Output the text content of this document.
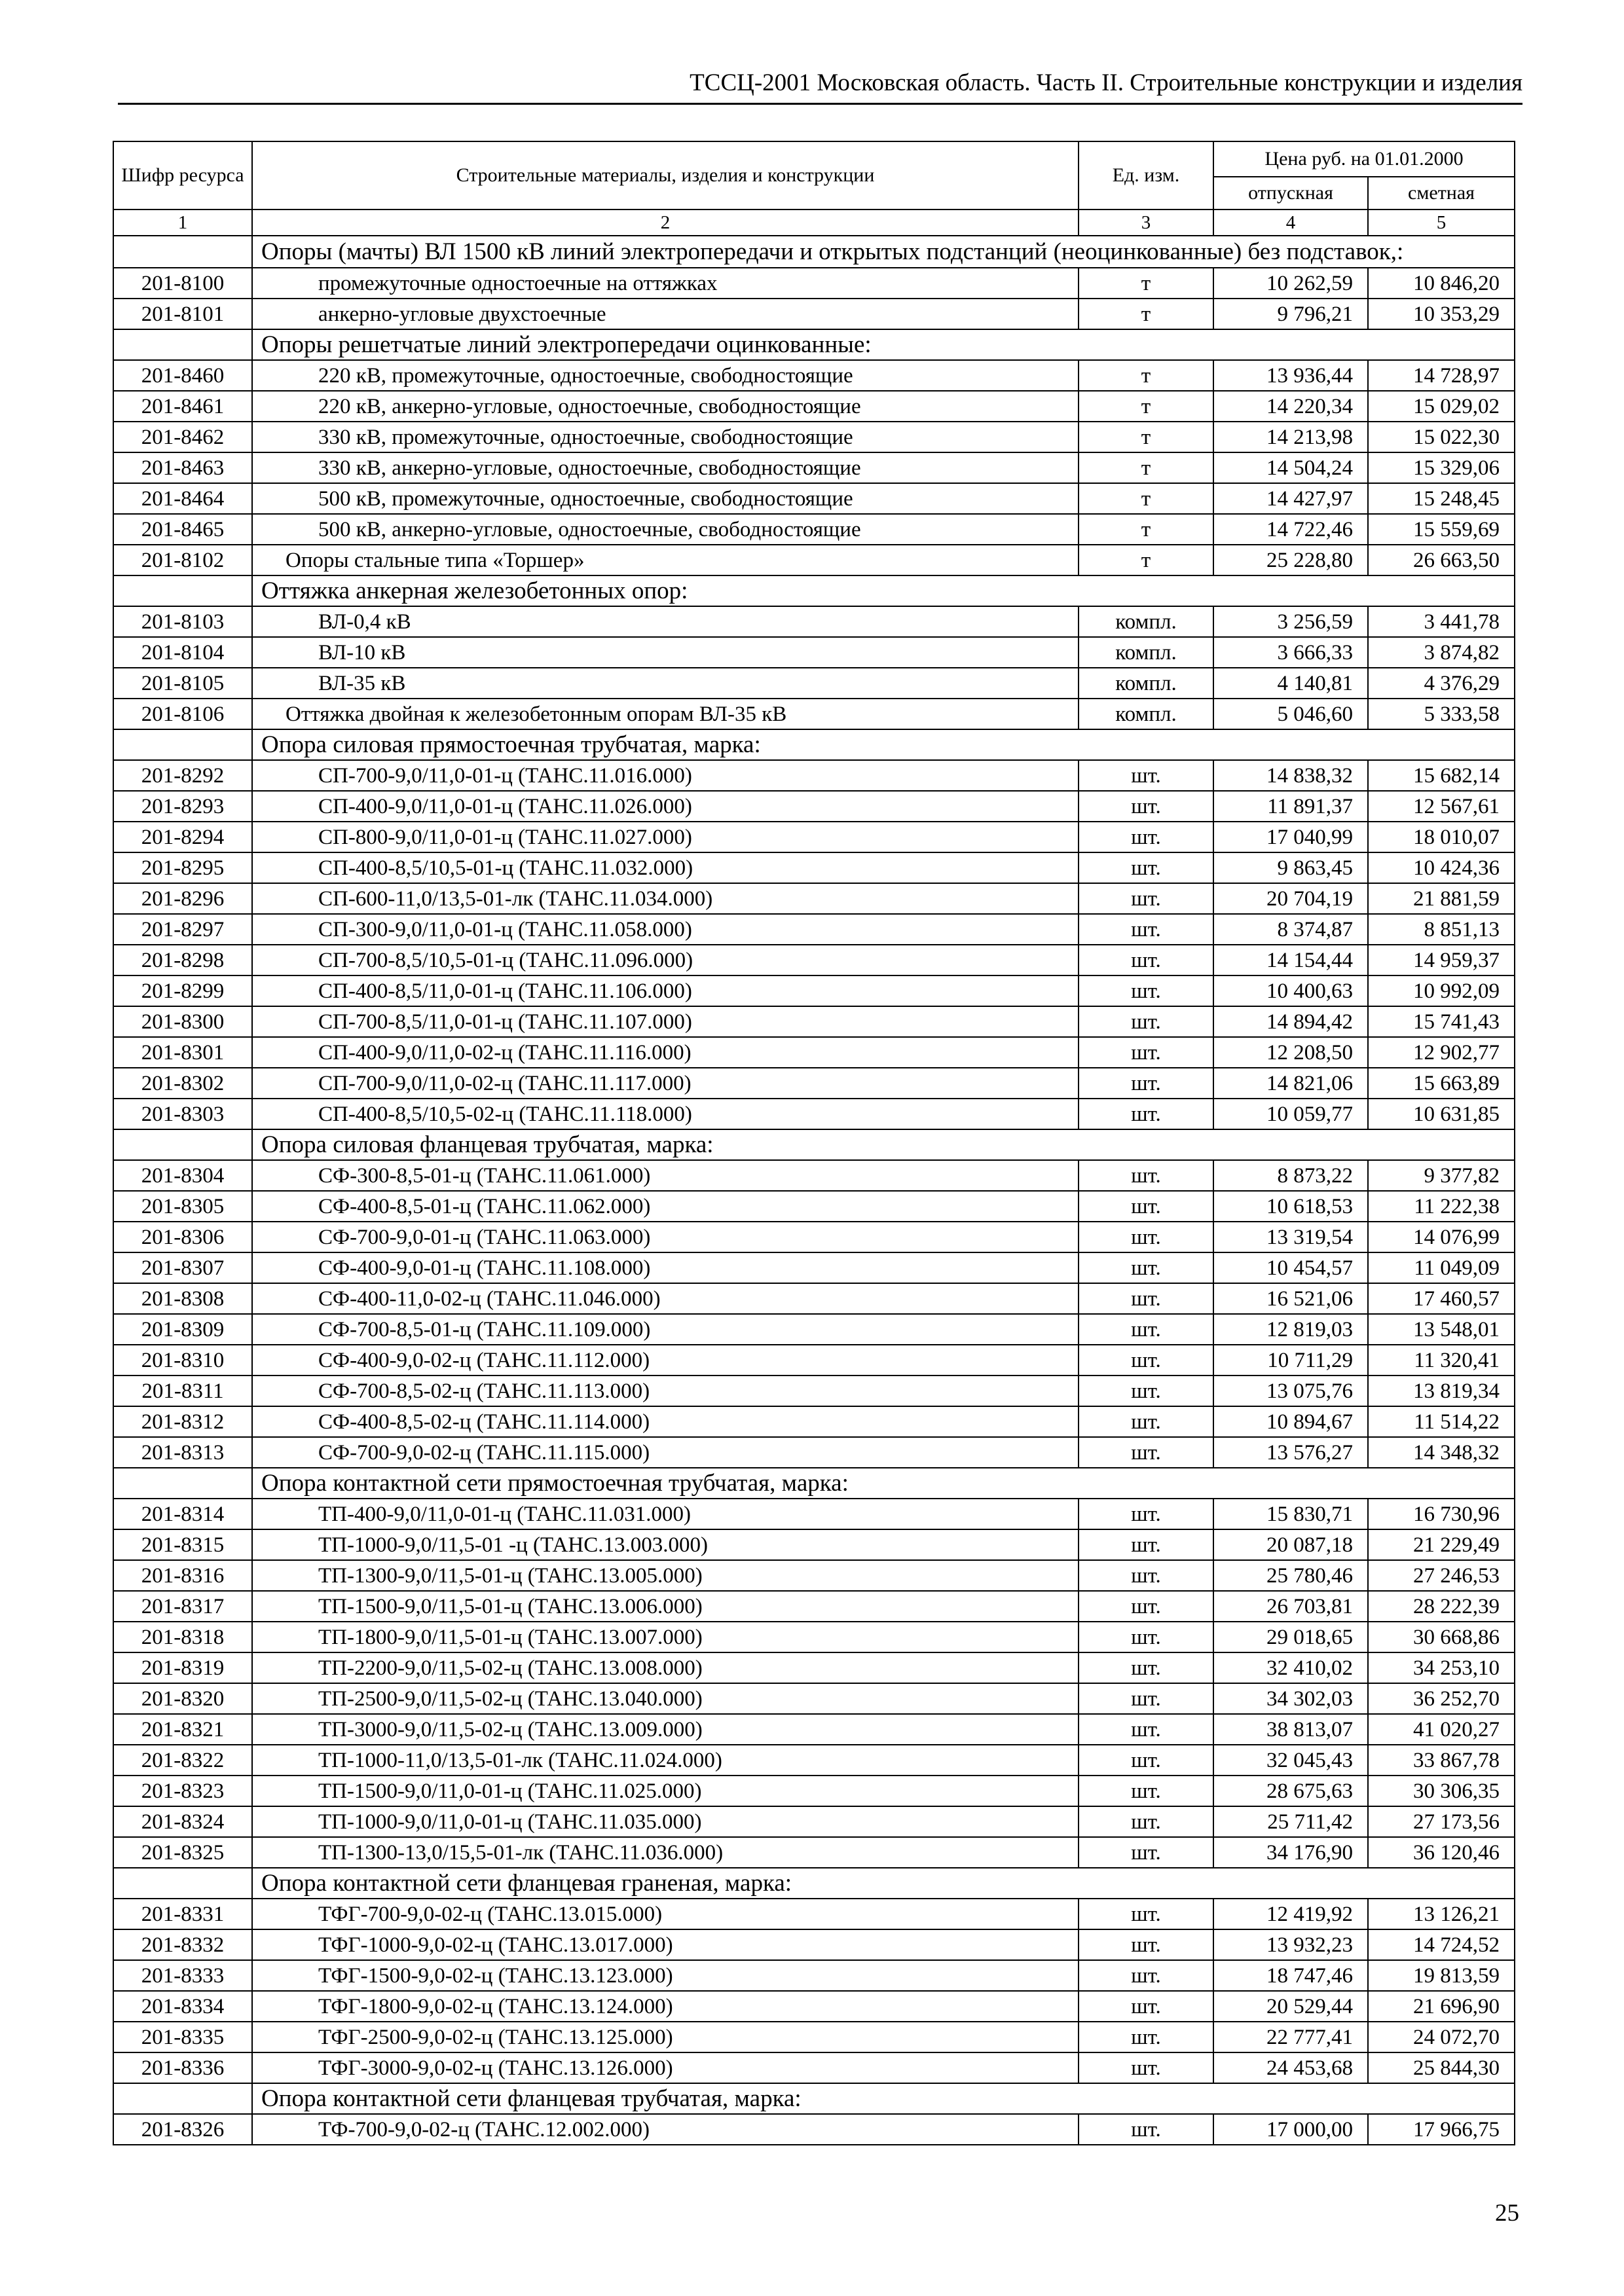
ТССЦ-2001 Московская область. Часть II. Строительные конструкции и изделия
Шифр ресурса	Строительные материалы, изделия и конструкции	Ед. изм.	Цена руб. на 01.01.2000	
			отпускная	сметная
1	2	3	4	5
	Опоры (мачты) ВЛ 1500 кВ линий электропередачи и открытых подстанций (неоцинкованные) без подставок,:			
201-8100	промежуточные одностоечные на оттяжках	т	10 262,59	10 846,20
201-8101	анкерно-угловые двухстоечные	т	9 796,21	10 353,29
	Опоры решетчатые линий электропередачи оцинкованные:			
201-8460	220 кВ, промежуточные, одностоечные, свободностоящие	т	13 936,44	14 728,97
201-8461	220 кВ, анкерно-угловые, одностоечные, свободностоящие	т	14 220,34	15 029,02
201-8462	330 кВ, промежуточные, одностоечные, свободностоящие	т	14 213,98	15 022,30
201-8463	330 кВ, анкерно-угловые, одностоечные, свободностоящие	т	14 504,24	15 329,06
201-8464	500 кВ, промежуточные, одностоечные, свободностоящие	т	14 427,97	15 248,45
201-8465	500 кВ, анкерно-угловые, одностоечные, свободностоящие	т	14 722,46	15 559,69
201-8102	Опоры стальные типа «Торшер»	т	25 228,80	26 663,50
	Оттяжка анкерная железобетонных опор:			
201-8103	ВЛ-0,4 кВ	компл.	3 256,59	3 441,78
201-8104	ВЛ-10 кВ	компл.	3 666,33	3 874,82
201-8105	ВЛ-35 кВ	компл.	4 140,81	4 376,29
201-8106	Оттяжка двойная к железобетонным опорам ВЛ-35 кВ	компл.	5 046,60	5 333,58
	Опора силовая прямостоечная трубчатая, марка:			
201-8292	СП-700-9,0/11,0-01-ц (ТАНС.11.016.000)	шт.	14 838,32	15 682,14
201-8293	СП-400-9,0/11,0-01-ц (ТАНС.11.026.000)	шт.	11 891,37	12 567,61
201-8294	СП-800-9,0/11,0-01-ц (ТАНС.11.027.000)	шт.	17 040,99	18 010,07
201-8295	СП-400-8,5/10,5-01-ц (ТАНС.11.032.000)	шт.	9 863,45	10 424,36
201-8296	СП-600-11,0/13,5-01-лк (ТАНС.11.034.000)	шт.	20 704,19	21 881,59
201-8297	СП-300-9,0/11,0-01-ц (ТАНС.11.058.000)	шт.	8 374,87	8 851,13
201-8298	СП-700-8,5/10,5-01-ц (ТАНС.11.096.000)	шт.	14 154,44	14 959,37
201-8299	СП-400-8,5/11,0-01-ц (ТАНС.11.106.000)	шт.	10 400,63	10 992,09
201-8300	СП-700-8,5/11,0-01-ц (ТАНС.11.107.000)	шт.	14 894,42	15 741,43
201-8301	СП-400-9,0/11,0-02-ц (ТАНС.11.116.000)	шт.	12 208,50	12 902,77
201-8302	СП-700-9,0/11,0-02-ц (ТАНС.11.117.000)	шт.	14 821,06	15 663,89
201-8303	СП-400-8,5/10,5-02-ц (ТАНС.11.118.000)	шт.	10 059,77	10 631,85
	Опора силовая фланцевая трубчатая, марка:			
201-8304	СФ-300-8,5-01-ц (ТАНС.11.061.000)	шт.	8 873,22	9 377,82
201-8305	СФ-400-8,5-01-ц (ТАНС.11.062.000)	шт.	10 618,53	11 222,38
201-8306	СФ-700-9,0-01-ц (ТАНС.11.063.000)	шт.	13 319,54	14 076,99
201-8307	СФ-400-9,0-01-ц (ТАНС.11.108.000)	шт.	10 454,57	11 049,09
201-8308	СФ-400-11,0-02-ц (ТАНС.11.046.000)	шт.	16 521,06	17 460,57
201-8309	СФ-700-8,5-01-ц (ТАНС.11.109.000)	шт.	12 819,03	13 548,01
201-8310	СФ-400-9,0-02-ц (ТАНС.11.112.000)	шт.	10 711,29	11 320,41
201-8311	СФ-700-8,5-02-ц (ТАНС.11.113.000)	шт.	13 075,76	13 819,34
201-8312	СФ-400-8,5-02-ц (ТАНС.11.114.000)	шт.	10 894,67	11 514,22
201-8313	СФ-700-9,0-02-ц (ТАНС.11.115.000)	шт.	13 576,27	14 348,32
	Опора контактной сети прямостоечная трубчатая, марка:			
201-8314	ТП-400-9,0/11,0-01-ц (ТАНС.11.031.000)	шт.	15 830,71	16 730,96
201-8315	ТП-1000-9,0/11,5-01 -ц (ТАНС.13.003.000)	шт.	20 087,18	21 229,49
201-8316	ТП-1300-9,0/11,5-01-ц (ТАНС.13.005.000)	шт.	25 780,46	27 246,53
201-8317	ТП-1500-9,0/11,5-01-ц (ТАНС.13.006.000)	шт.	26 703,81	28 222,39
201-8318	ТП-1800-9,0/11,5-01-ц (ТАНС.13.007.000)	шт.	29 018,65	30 668,86
201-8319	ТП-2200-9,0/11,5-02-ц (ТАНС.13.008.000)	шт.	32 410,02	34 253,10
201-8320	ТП-2500-9,0/11,5-02-ц (ТАНС.13.040.000)	шт.	34 302,03	36 252,70
201-8321	ТП-3000-9,0/11,5-02-ц (ТАНС.13.009.000)	шт.	38 813,07	41 020,27
201-8322	ТП-1000-11,0/13,5-01-лк (ТАНС.11.024.000)	шт.	32 045,43	33 867,78
201-8323	ТП-1500-9,0/11,0-01-ц (ТАНС.11.025.000)	шт.	28 675,63	30 306,35
201-8324	ТП-1000-9,0/11,0-01-ц (ТАНС.11.035.000)	шт.	25 711,42	27 173,56
201-8325	ТП-1300-13,0/15,5-01-лк (ТАНС.11.036.000)	шт.	34 176,90	36 120,46
	Опора контактной сети фланцевая граненая, марка:			
201-8331	ТФГ-700-9,0-02-ц (ТАНС.13.015.000)	шт.	12 419,92	13 126,21
201-8332	ТФГ-1000-9,0-02-ц (ТАНС.13.017.000)	шт.	13 932,23	14 724,52
201-8333	ТФГ-1500-9,0-02-ц (ТАНС.13.123.000)	шт.	18 747,46	19 813,59
201-8334	ТФГ-1800-9,0-02-ц (ТАНС.13.124.000)	шт.	20 529,44	21 696,90
201-8335	ТФГ-2500-9,0-02-ц (ТАНС.13.125.000)	шт.	22 777,41	24 072,70
201-8336	ТФГ-3000-9,0-02-ц (ТАНС.13.126.000)	шт.	24 453,68	25 844,30
	Опора контактной сети фланцевая трубчатая, марка:			
201-8326	ТФ-700-9,0-02-ц (ТАНС.12.002.000)	шт.	17 000,00	17 966,75
25
